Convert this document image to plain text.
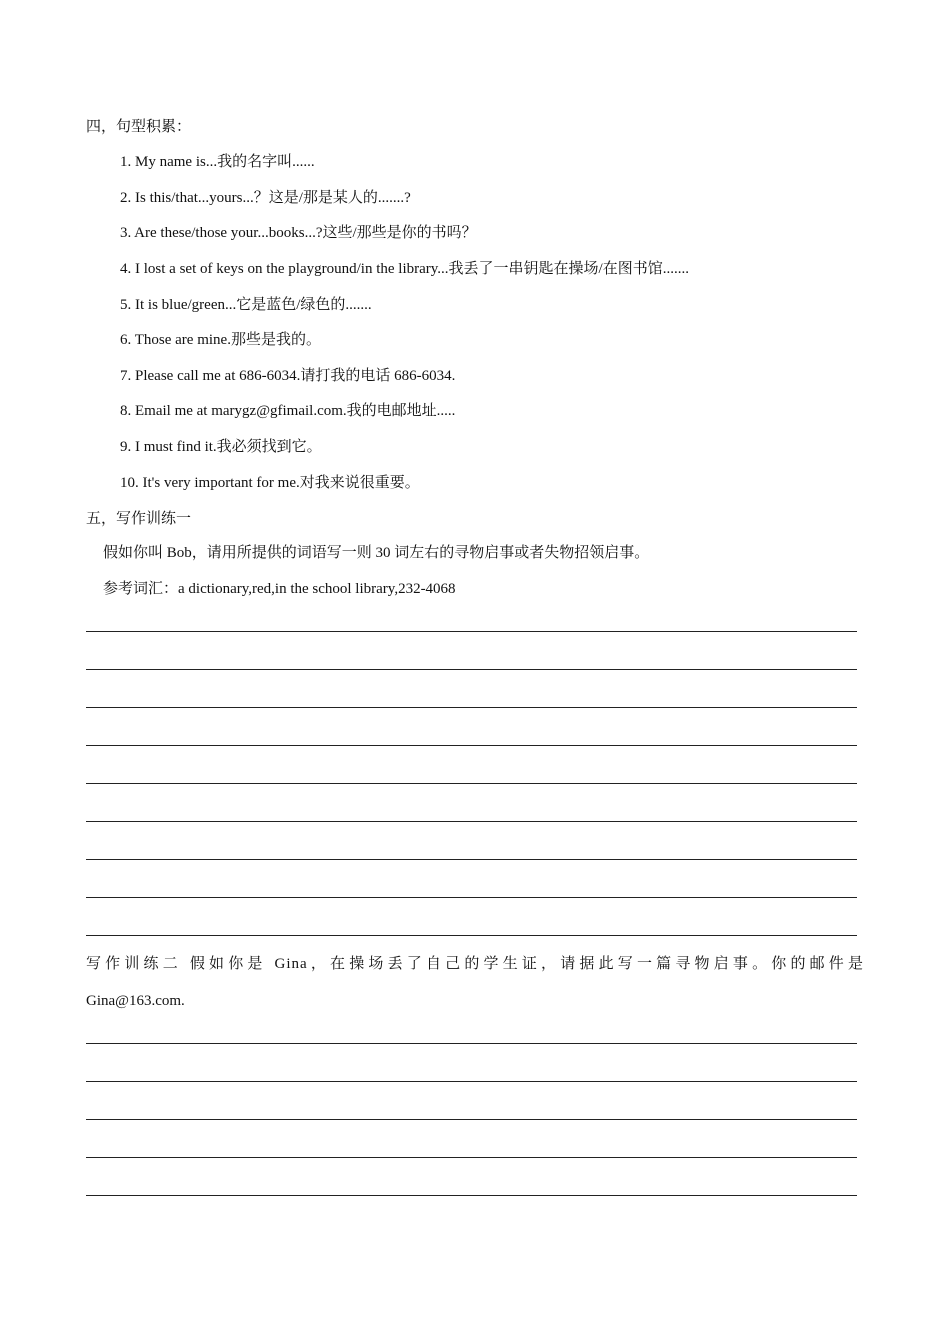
四，句型积累：
1. My name is...我的名字叫......
2. Is this/that...yours...？这是/那是某人的.......?
3. Are these/those your...books...?这些/那些是你的书吗？
4. I lost a set of keys on the playground/in the library...我丢了一串钥匙在操场/在图书馆.......
5. It is blue/green...它是蓝色/绿色的.......
6. Those are mine.那些是我的。
7. Please call me at 686-6034.请打我的电话 686-6034.
8. Email me at marygz@gfimail.com.我的电邮地址.....
9. I must find it.我必须找到它。
10. It's very important for me.对我来说很重要。
五，写作训练一
假如你叫 Bob，请用所提供的词语写一则 30 词左右的寻物启事或者失物招领启事。
参考词汇：a dictionary,red,in the school library,232-4068
写作训练二 假如你是 Gina，在操场丢了自己的学生证，请据此写一篇寻物启事。你的邮件是
Gina@163.com.
